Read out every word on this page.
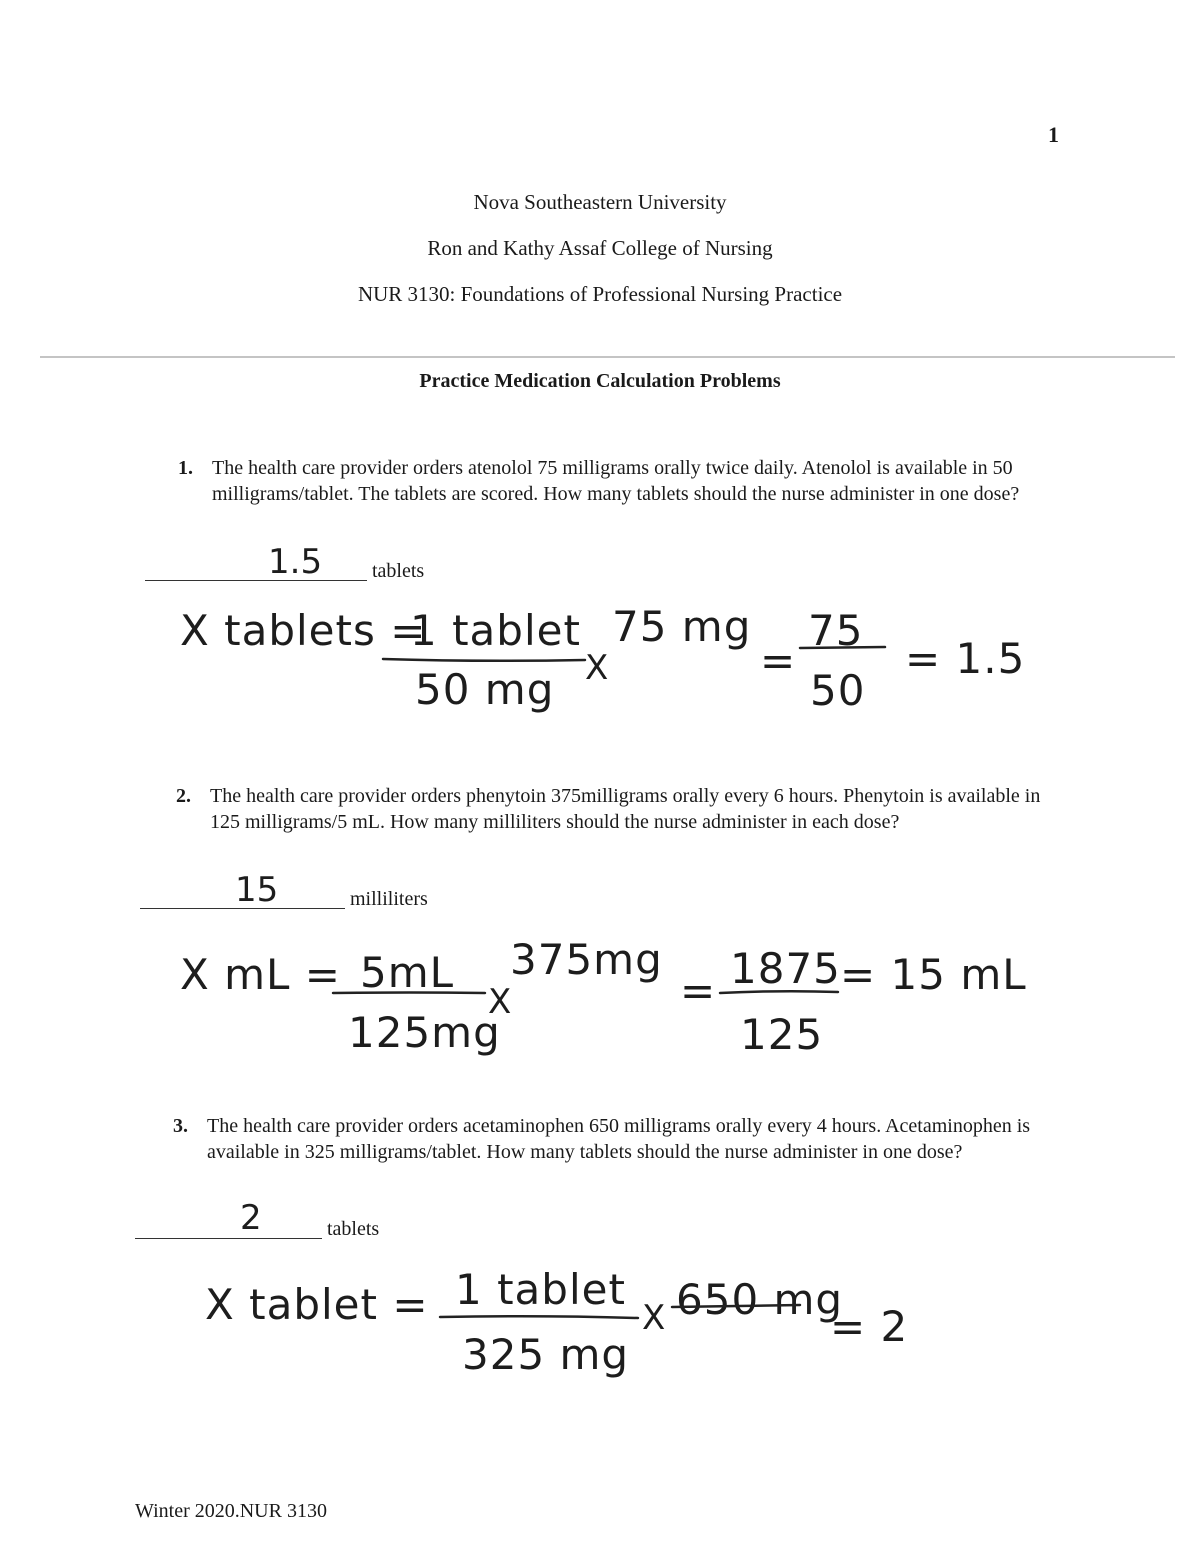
1
Nova Southeastern University
Ron and Kathy Assaf College of Nursing
NUR 3130: Foundations of Professional Nursing Practice
Practice Medication Calculation Problems
1. The health care provider orders atenolol 75 milligrams orally twice daily. Atenolol is available in 50 milligrams/tablet. The tablets are scored. How many tablets should the nurse administer in one dose?
1.5 tablets
X tablets =
1 tablet
50 mg X
75 mg
=
75
50
= 1.5
2. The health care provider orders phenytoin 375milligrams orally every 6 hours. Phenytoin is available in 125 milligrams/5 mL. How many milliliters should the nurse administer in each dose?
15	milliliters
X mL = 5mL
125mg
X
375mg
= 1875
125
= 15 mL
3. The health care provider orders acetaminophen 650 milligrams orally every 4 hours. Acetaminophen is available in 325 milligrams/tablet. How many tablets should the nurse administer in one dose?
2	tablets
X tablet = 1 tablet
325 mg
X 650 mg
= 2
Winter 2020.NUR 3130
